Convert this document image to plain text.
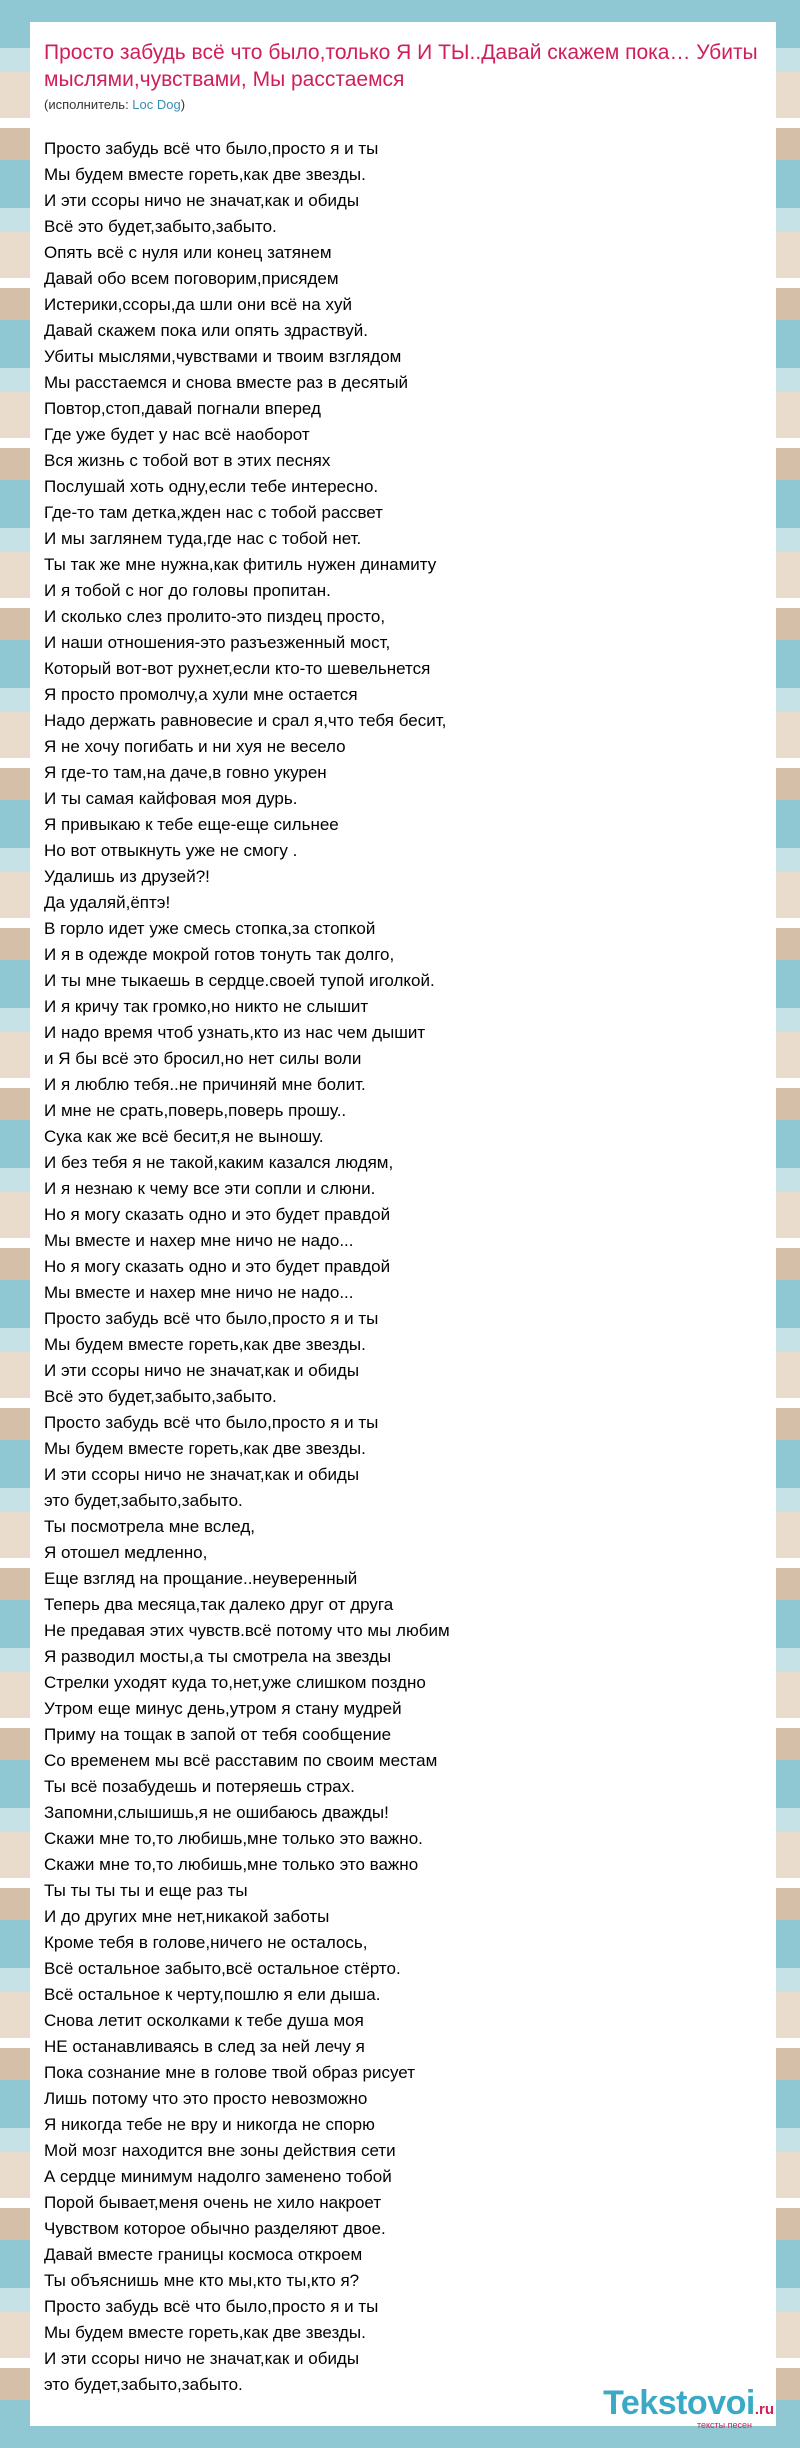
Просто забудь всё что было,только Я И ТЫ..Давай скажем пока… Убиты мыслями,чувствами, Мы расстаемся
(исполнитель: Loc Dog)
Просто забудь всё что было,просто я и ты
Мы будем вместе гореть,как две звезды.
И эти ссоры ничо не значат,как и обиды
Всё это будет,забыто,забыто.
Опять всё с нуля или конец затянем
Давай обо всем поговорим,присядем
Истерики,ссоры,да шли они всё на хуй
Давай скажем пока или опять здраствуй.
Убиты мыслями,чувствами и твоим взглядом
Мы расстаемся и снова вместе раз в десятый
Повтор,стоп,давай погнали вперед
Где уже будет у нас всё наоборот
Вся жизнь с тобой вот в этих песнях
Послушай хоть одну,если тебе интересно.
Где-то там детка,жден нас с тобой рассвет
И мы заглянем туда,где нас с тобой нет.
Ты так же мне нужна,как фитиль нужен динамиту
И я тобой с ног до головы пропитан.
И сколько слез пролито-это пиздец просто,
И наши отношения-это разъезженный мост,
Который вот-вот рухнет,если кто-то шевельнется
Я просто промолчу,а хули мне остается
Надо держать равновесие и срал я,что тебя бесит,
Я не хочу погибать и ни хуя не весело
Я где-то там,на даче,в говно укурен
И ты самая кайфовая моя дурь.
Я привыкаю к тебе еще-еще сильнее
Но вот отвыкнуть уже не смогу .
Удалишь из друзей?!
Да удаляй,ёптэ!
В горло идет уже смесь стопка,за стопкой
И я в одежде мокрой готов тонуть так долго,
И ты мне тыкаешь в сердце.своей тупой иголкой.
И я кричу так громко,но никто не слышит
И надо время чтоб узнать,кто из нас чем дышит
и Я бы всё это бросил,но нет силы воли
И я люблю тебя..не причиняй мне болит.
И мне не срать,поверь,поверь прошу..
Сука как же всё бесит,я не выношу.
И без тебя я не такой,каким казался людям,
И я незнаю к чему все эти сопли и слюни.
Но я могу сказать одно и это будет правдой
Мы вместе и нахер мне ничо не надо...
Но я могу сказать одно и это будет правдой
Мы вместе и нахер мне ничо не надо...
Просто забудь всё что было,просто я и ты
Мы будем вместе гореть,как две звезды.
И эти ссоры ничо не значат,как и обиды
Всё это будет,забыто,забыто.
Просто забудь всё что было,просто я и ты
Мы будем вместе гореть,как две звезды.
И эти ссоры ничо не значат,как и обиды
это будет,забыто,забыто.
Ты посмотрела мне вслед,
Я отошел медленно,
Еще взгляд на прощание..неуверенный
Теперь два месяца,так далеко друг от друга
Не предавая этих чувств.всё потому что мы любим
Я разводил мосты,а ты смотрела на звезды
Стрелки уходят куда то,нет,уже слишком поздно
Утром еще минус день,утром я стану мудрей
Приму на тощак в запой от тебя сообщение
Со временем мы всё расставим по своим местам
Ты всё позабудешь и потеряешь страх.
Запомни,слышишь,я не ошибаюсь дважды!
Скажи мне то,то любишь,мне только это важно.
Скажи мне то,то любишь,мне только это важно
Ты ты ты ты и еще раз ты
И до других мне нет,никакой заботы
Кроме тебя в голове,ничего не осталось,
Всё остальное забыто,всё остальное стёрто.
Всё остальное к черту,пошлю я ели дыша.
Снова летит осколками к тебе душа моя
НЕ останавливаясь в след за ней лечу я
Пока сознание мне в голове твой образ рисует
Лишь потому что это просто невозможно
Я никогда тебе не вру и никогда не спорю
Мой мозг находится вне зоны действия сети
А сердце минимум надолго заменено тобой
Порой бывает,меня очень не хило накроет
Чувством которое обычно разделяют двое.
Давай вместе границы космоса откроем
Ты объяснишь мне кто мы,кто ты,кто я?
Просто забудь всё что было,просто я и ты
Мы будем вместе гореть,как две звезды.
И эти ссоры ничо не значат,как и обиды
это будет,забыто,забыто.	Tekstovoi.ru
тексты песен
